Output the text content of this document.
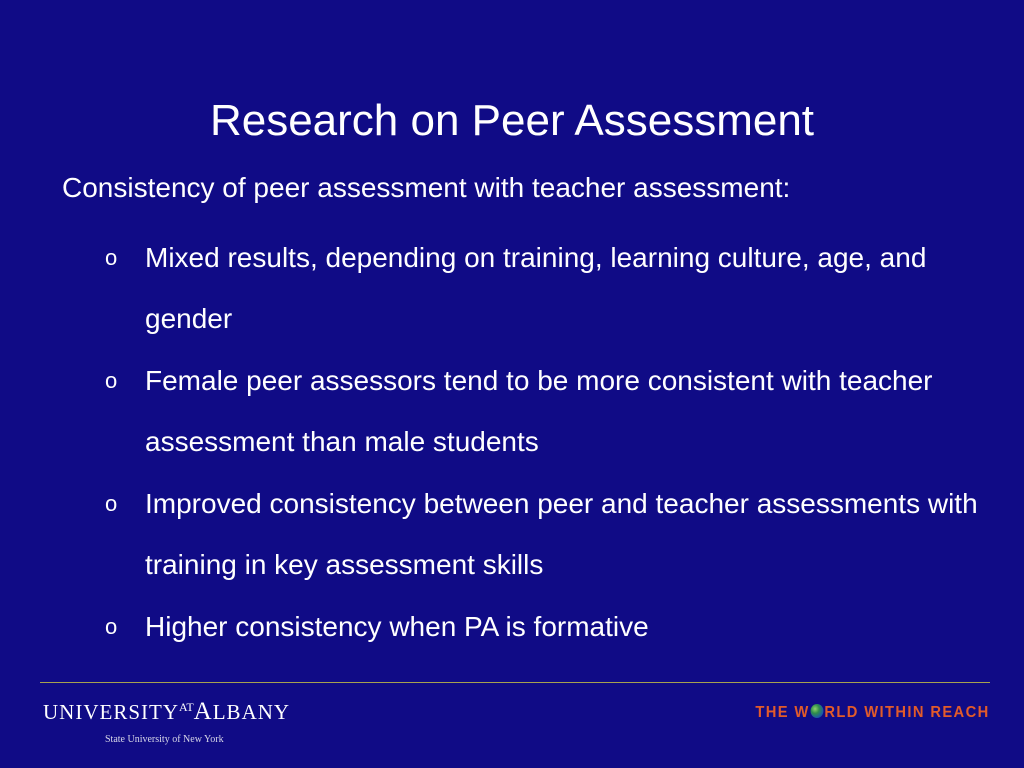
Research on Peer Assessment
Consistency of peer assessment with teacher assessment:
o Mixed results, depending on training, learning culture, age, and gender
o Female peer assessors tend to be more consistent with teacher assessment than male students
o Improved consistency between peer and teacher assessments with training in key assessment skills
o Higher consistency when PA is formative
$UNIVERSITY^{AT}ALBANY$
State University of New York
THE W RLD WITHIN REACH
